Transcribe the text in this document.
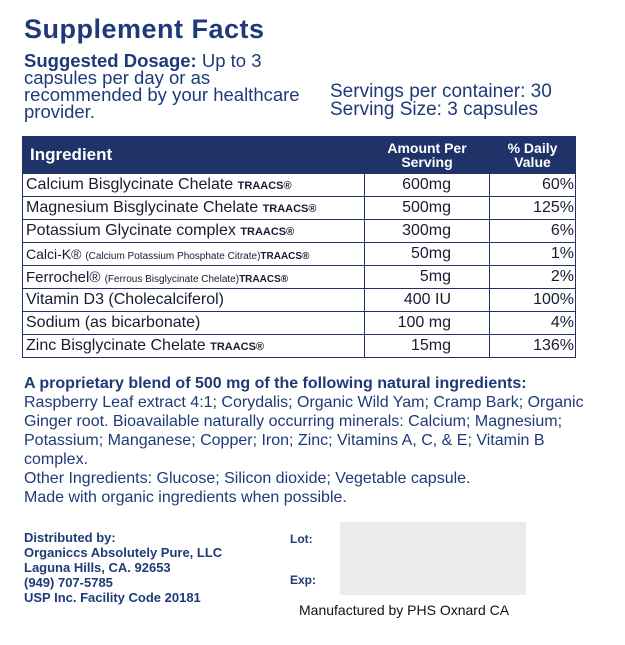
Supplement Facts
Suggested Dosage: Up to 3 capsules per day or as recommended by your healthcare provider.
Servings per container: 30
Serving Size: 3 capsules
Ingredient	Amount Per Serving	% Daily Value
Calcium Bisglycinate Chelate TRAACS®	600mg	60%
Magnesium Bisglycinate Chelate TRAACS®	500mg	125%
Potassium Glycinate complex TRAACS®	300mg	6%
Calci-K® (Calcium Potassium Phosphate Citrate)TRAACS®	50mg	1%
Ferrochel® (Ferrous Bisglycinate Chelate)TRAACS®	5mg	2%
Vitamin D3 (Cholecalciferol)	400 IU	100%
Sodium (as bicarbonate)	100 mg	4%
Zinc Bisglycinate Chelate TRAACS®	15mg	136%
A proprietary blend of 500 mg of the following natural ingredients: Raspberry Leaf extract 4:1; Corydalis; Organic Wild Yam; Cramp Bark; Organic Ginger root. Bioavailable naturally occurring minerals: Calcium; Magnesium; Potassium; Manganese; Copper; Iron; Zinc; Vitamins A, C, & E; Vitamin B complex.
Other Ingredients: Glucose; Silicon dioxide; Vegetable capsule.
Made with organic ingredients when possible.
Distributed by:
Organiccs Absolutely Pure, LLC
Laguna Hills, CA. 92653
(949) 707-5785
USP Inc. Facility Code 20181
Lot:
Exp:
Manufactured by PHS Oxnard CA
